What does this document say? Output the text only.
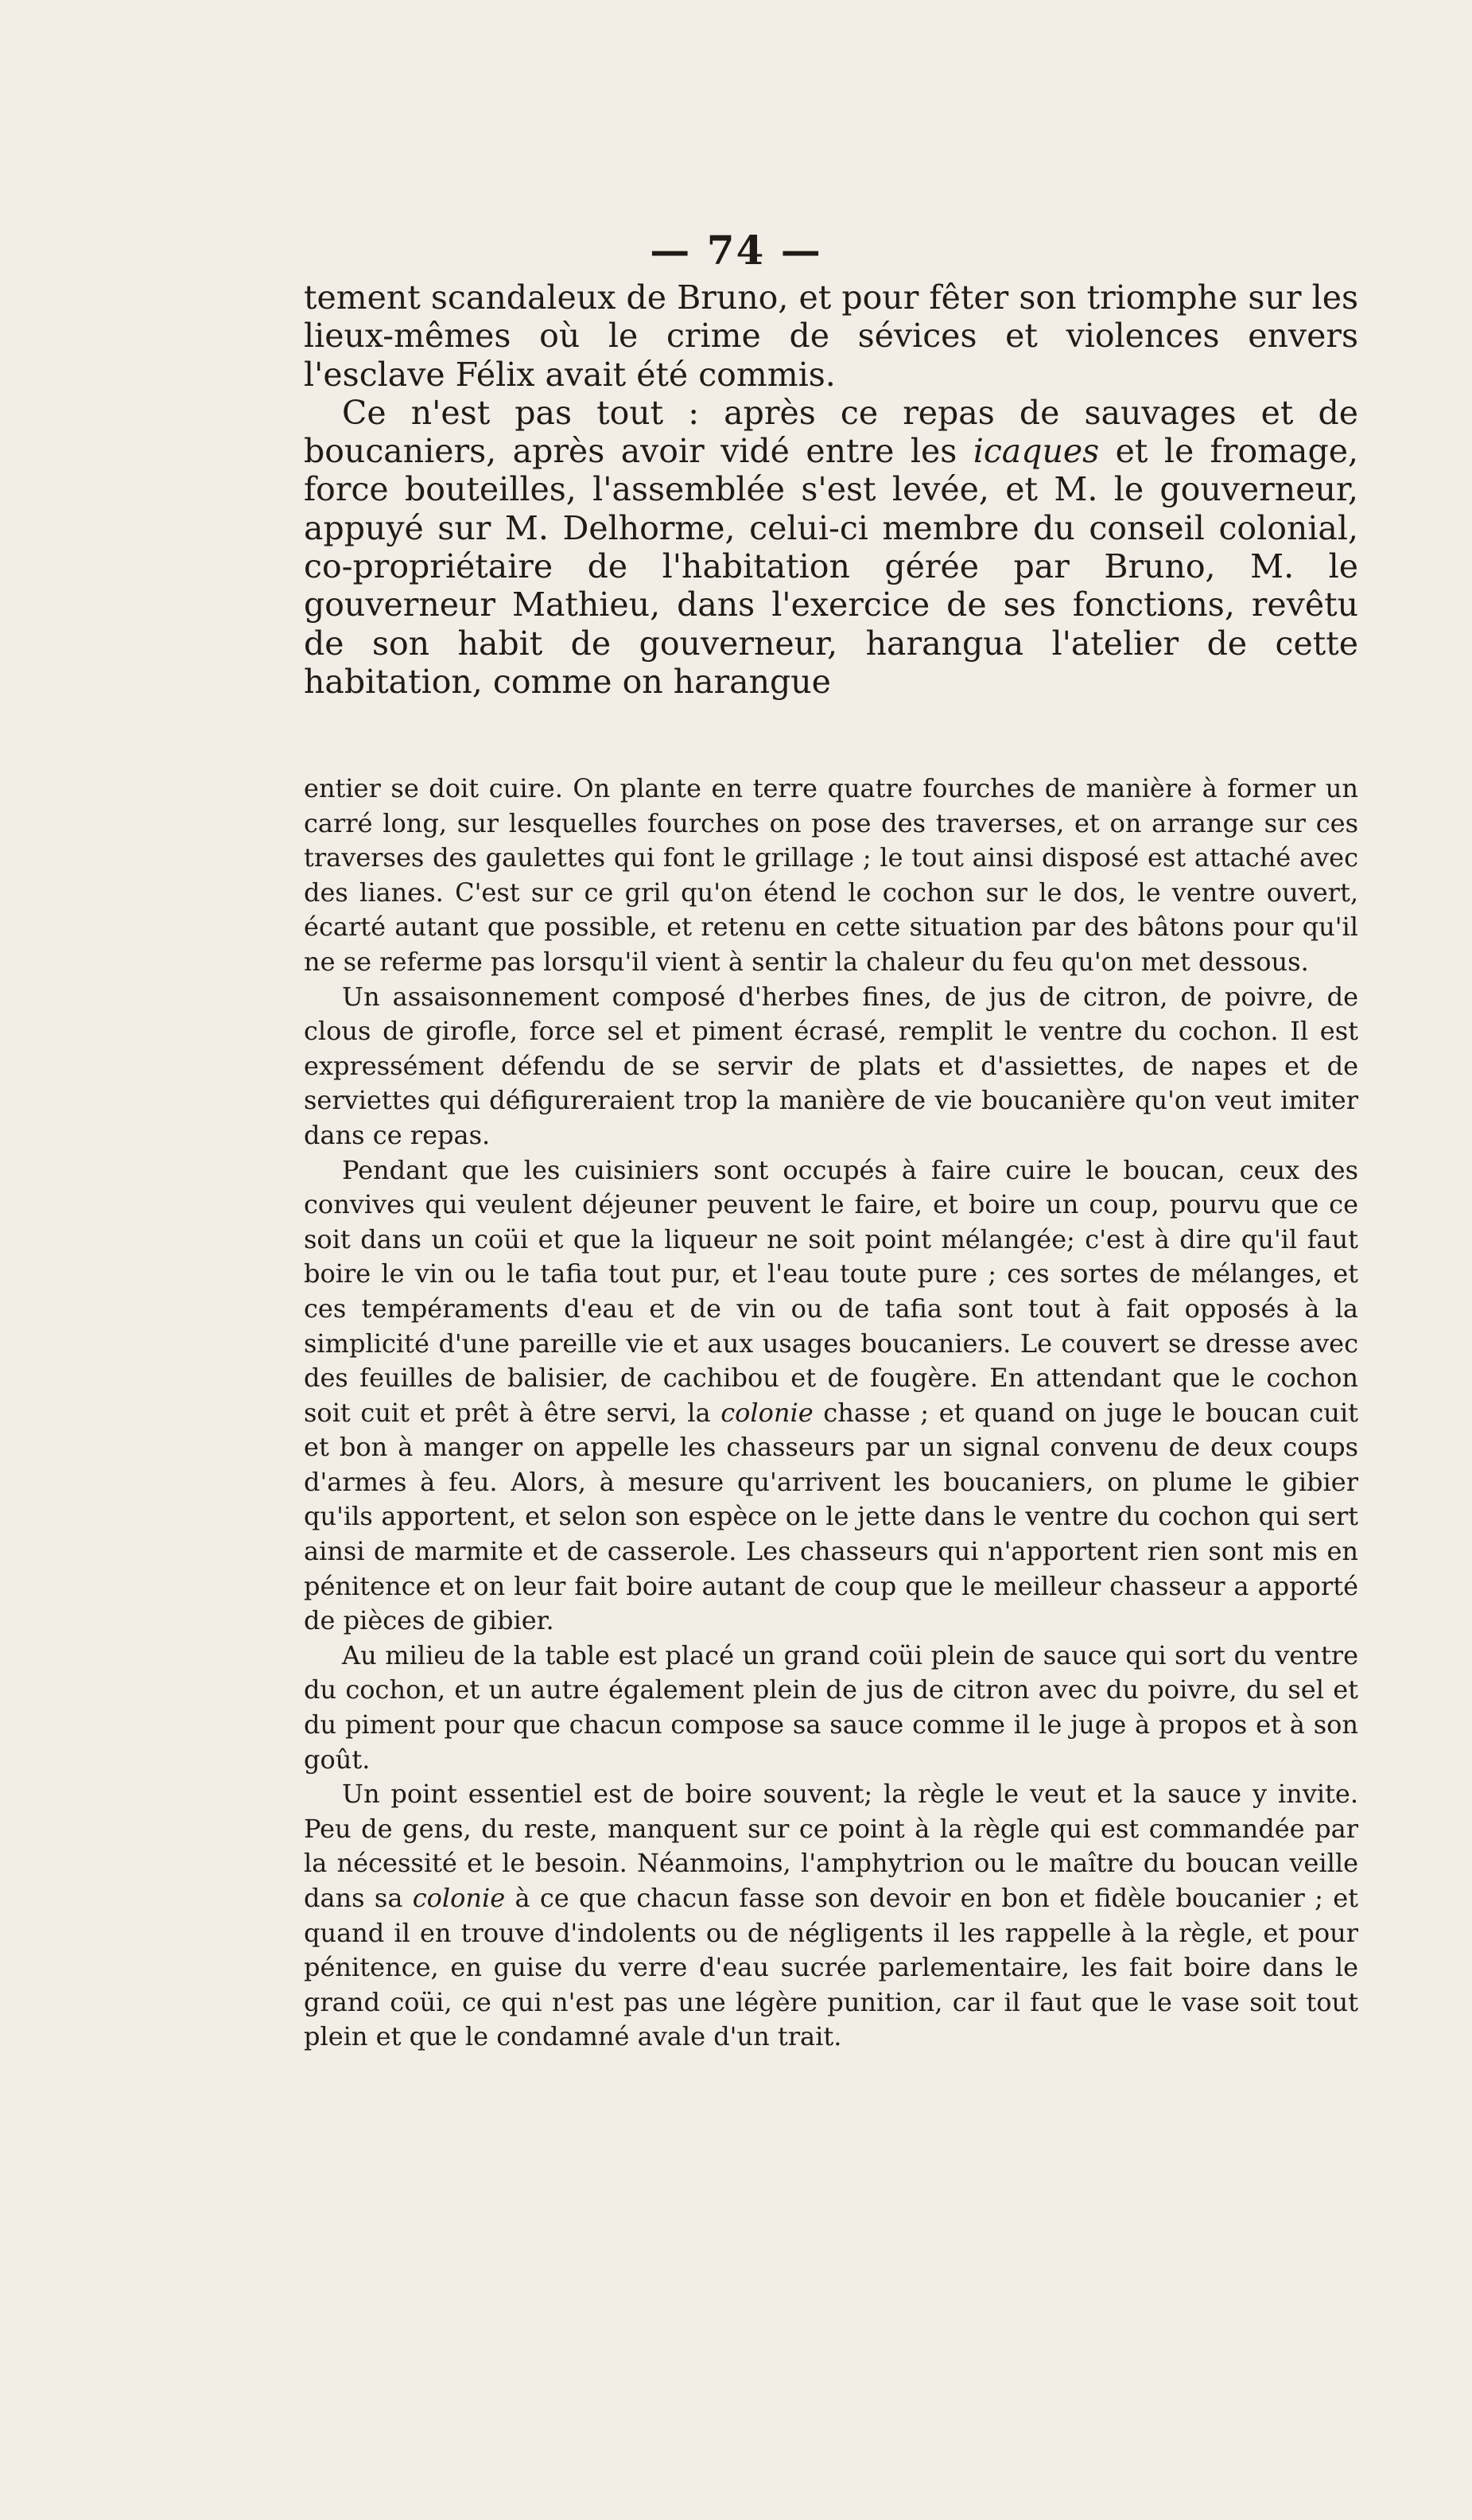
— 74 —

tement scandaleux de Bruno, et pour fêter son triomphe sur les lieux-mêmes où le crime de sévices et violences envers l'esclave Félix avait été commis.

Ce n'est pas tout : après ce repas de sauvages et de boucaniers, après avoir vidé entre les icaques et le fromage, force bouteilles, l'assemblée s'est levée, et M. le gouverneur, appuyé sur M. Delhorme, celui-ci membre du conseil colonial, co-propriétaire de l'habitation gérée par Bruno, M. le gouverneur Mathieu, dans l'exercice de ses fonctions, revêtu de son habit de gouverneur, harangua l'atelier de cette habitation, comme on harangue

entier se doit cuire. On plante en terre quatre fourches de manière à former un carré long, sur lesquelles fourches on pose des traverses, et on arrange sur ces traverses des gaulettes qui font le grillage ; le tout ainsi disposé est attaché avec des lianes. C'est sur ce gril qu'on étend le cochon sur le dos, le ventre ouvert, écarté autant que possible, et retenu en cette situation par des bâtons pour qu'il ne se referme pas lorsqu'il vient à sentir la chaleur du feu qu'on met dessous.

Un assaisonnement composé d'herbes fines, de jus de citron, de poivre, de clous de girofle, force sel et piment écrasé, remplit le ventre du cochon. Il est expressément défendu de se servir de plats et d'assiettes, de napes et de serviettes qui défigureraient trop la manière de vie boucanière qu'on veut imiter dans ce repas.

Pendant que les cuisiniers sont occupés à faire cuire le boucan, ceux des convives qui veulent déjeuner peuvent le faire, et boire un coup, pourvu que ce soit dans un coüi et que la liqueur ne soit point mélangée; c'est à dire qu'il faut boire le vin ou le tafia tout pur, et l'eau toute pure ; ces sortes de mélanges, et ces tempéraments d'eau et de vin ou de tafia sont tout à fait opposés à la simplicité d'une pareille vie et aux usages boucaniers. Le couvert se dresse avec des feuilles de balisier, de cachibou et de fougère. En attendant que le cochon soit cuit et prêt à être servi, la colonie chasse ; et quand on juge le boucan cuit et bon à manger on appelle les chasseurs par un signal convenu de deux coups d'armes à feu. Alors, à mesure qu'arrivent les boucaniers, on plume le gibier qu'ils apportent, et selon son espèce on le jette dans le ventre du cochon qui sert ainsi de marmite et de casserole. Les chasseurs qui n'apportent rien sont mis en pénitence et on leur fait boire autant de coup que le meilleur chasseur a apporté de pièces de gibier.

Au milieu de la table est placé un grand coüi plein de sauce qui sort du ventre du cochon, et un autre également plein de jus de citron avec du poivre, du sel et du piment pour que chacun compose sa sauce comme il le juge à propos et à son goût.

Un point essentiel est de boire souvent; la règle le veut et la sauce y invite. Peu de gens, du reste, manquent sur ce point à la règle qui est commandée par la nécessité et le besoin. Néanmoins, l'amphytrion ou le maître du boucan veille dans sa colonie à ce que chacun fasse son devoir en bon et fidèle boucanier ; et quand il en trouve d'indolents ou de négligents il les rappelle à la règle, et pour pénitence, en guise du verre d'eau sucrée parlementaire, les fait boire dans le grand coüi, ce qui n'est pas une légère punition, car il faut que le vase soit tout plein et que le condamné avale d'un trait.
